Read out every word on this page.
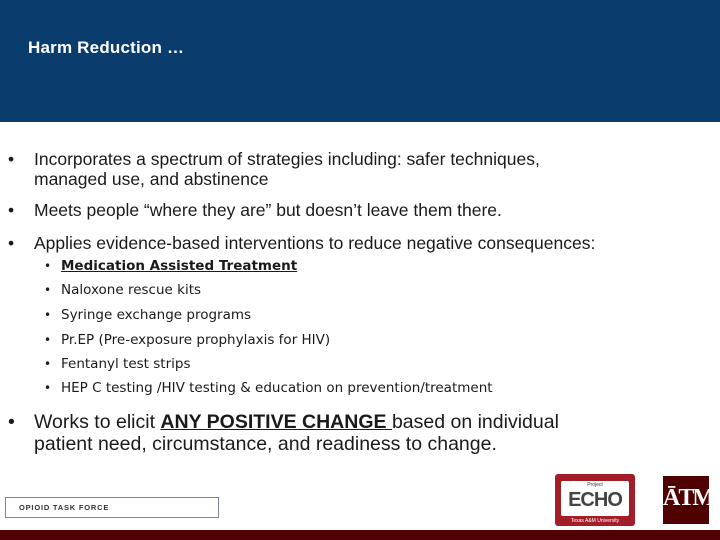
Harm Reduction …
• Incorporates a spectrum of strategies including: safer techniques,
managed use, and abstinence
• Meets people “where they are” but doesn’t leave them there.
• Applies evidence-based interventions to reduce negative consequences:
• Medication Assisted Treatment
• Naloxone rescue kits
• Syringe exchange programs
• Pr.EP (Pre-exposure prophylaxis for HIV)
• Fentanyl test strips
• HEP C testing /HIV testing & education on prevention/treatment
• Works to elicit ANY POSITIVE CHANGE based on individual
patient need, circumstance, and readiness to change.
OPIOID TASK FORCE
Project
ECHO
Texas A&M University
ĀTM
